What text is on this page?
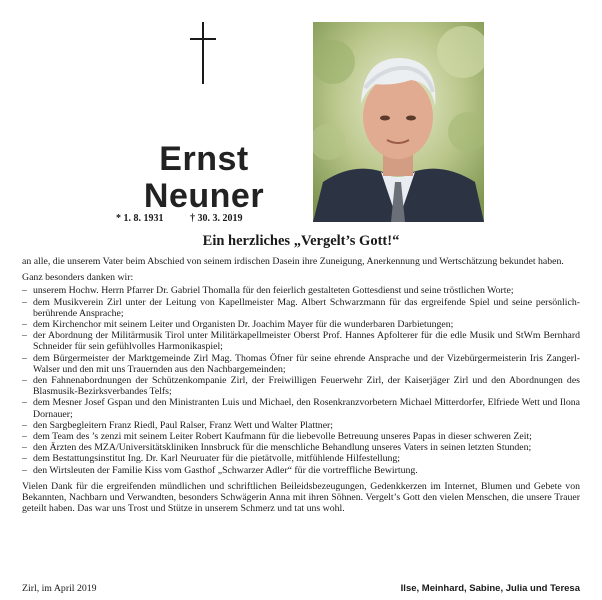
Ernst
Neuner
* 1. 8. 1931	† 30. 3. 2019
Ein herzliches „Vergelt’s Gott!“

an alle, die unserem Vater beim Abschied von seinem irdischen Dasein ihre Zuneigung, Anerkennung und Wertschätzung bekundet haben.

Ganz besonders danken wir:

– unserem Hochw. Herrn Pfarrer Dr. Gabriel Thomalla für den feierlich gestalteten Gottesdienst und seine tröstlichen Worte;
– dem Musikverein Zirl unter der Leitung von Kapellmeister Mag. Albert Schwarzmann für das ergreifende Spiel und seine persönlich-berührende Ansprache;
– dem Kirchenchor mit seinem Leiter und Organisten Dr. Joachim Mayer für die wunderbaren Darbietungen;
– der Abordnung der Militärmusik Tirol unter Militärkapellmeister Oberst Prof. Hannes Apfolterer für die edle Musik und StWm Bernhard Schneider für sein gefühlvolles Harmonikaspiel;
– dem Bürgermeister der Marktgemeinde Zirl Mag. Thomas Öfner für seine ehrende Ansprache und der Vizebürgermeisterin Iris Zangerl-Walser und den mit uns Trauernden aus den Nachbargemeinden;
– den Fahnenabordnungen der Schützenkompanie Zirl, der Freiwilligen Feuerwehr Zirl, der Kaiserjäger Zirl und den Abordnungen des Blasmusik-Bezirksverbandes Telfs;
– dem Mesner Josef Gspan und den Ministranten Luis und Michael, den Rosenkranzvorbetern Michael Mitterdorfer, Elfriede Wett und Ilona Dornauer;
– den Sargbegleitern Franz Riedl, Paul Ralser, Franz Wett und Walter Plattner;
– dem Team des ’s zenzi mit seinem Leiter Robert Kaufmann für die liebevolle Betreuung unseres Papas in dieser schweren Zeit;
– den Ärzten des MZA/Universitätskliniken Innsbruck für die menschliche Behandlung unseres Vaters in seinen letzten Stunden;
– dem Bestattungsinstitut Ing. Dr. Karl Neuruater für die pietätvolle, mitfühlende Hilfestellung;
– den Wirtsleuten der Familie Kiss vom Gasthof „Schwarzer Adler“ für die vortreffliche Bewirtung.

Vielen Dank für die ergreifenden mündlichen und schriftlichen Beileidsbezeugungen, Gedenkkerzen im Internet, Blumen und Gebete von Bekannten, Nachbarn und Verwandten, besonders Schwägerin Anna mit ihren Söhnen. Vergelt’s Gott den vielen Menschen, die unsere Trauer geteilt haben. Das war uns Trost und Stütze in unserem Schmerz und tat uns wohl.

Zirl, im April 2019	Ilse, Meinhard, Sabine, Julia und Teresa
